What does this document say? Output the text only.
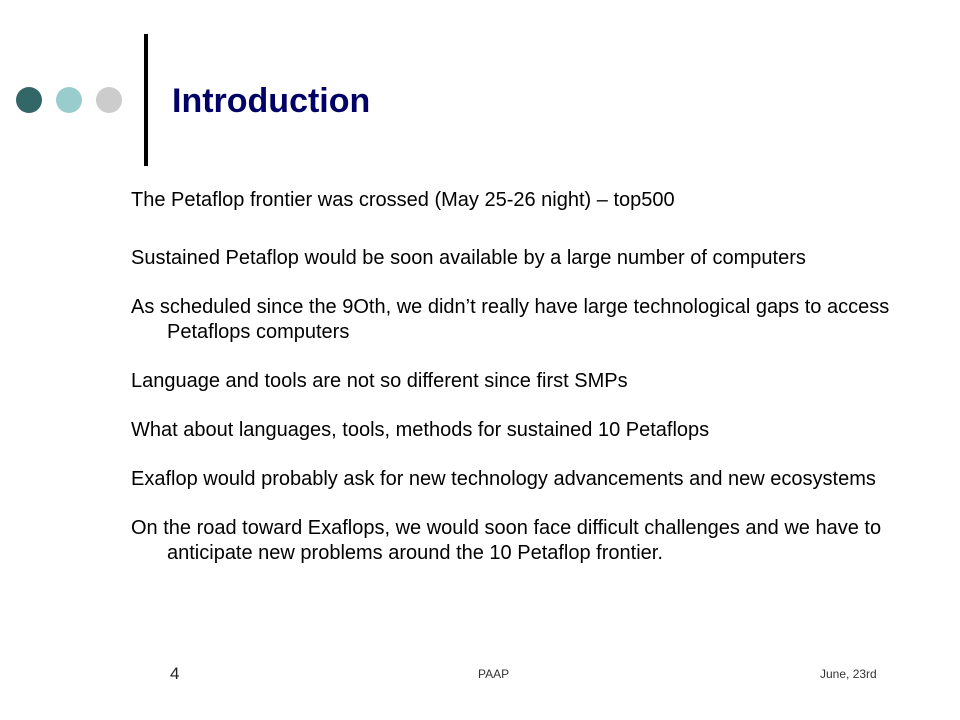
Introduction
The Petaflop frontier was crossed (May 25-26 night) – top500
Sustained Petaflop would be soon available by a large number of computers
As scheduled since the 9Oth, we didn’t really have large technological gaps to access Petaflops computers
Language and tools are not so different since first SMPs
What about languages, tools, methods for sustained 10 Petaflops
Exaflop would probably ask for new technology advancements and new ecosystems
On the road toward Exaflops, we would soon face difficult challenges and we have to anticipate new problems around the 10 Petaflop frontier.
4	PAAP	June, 23rd
